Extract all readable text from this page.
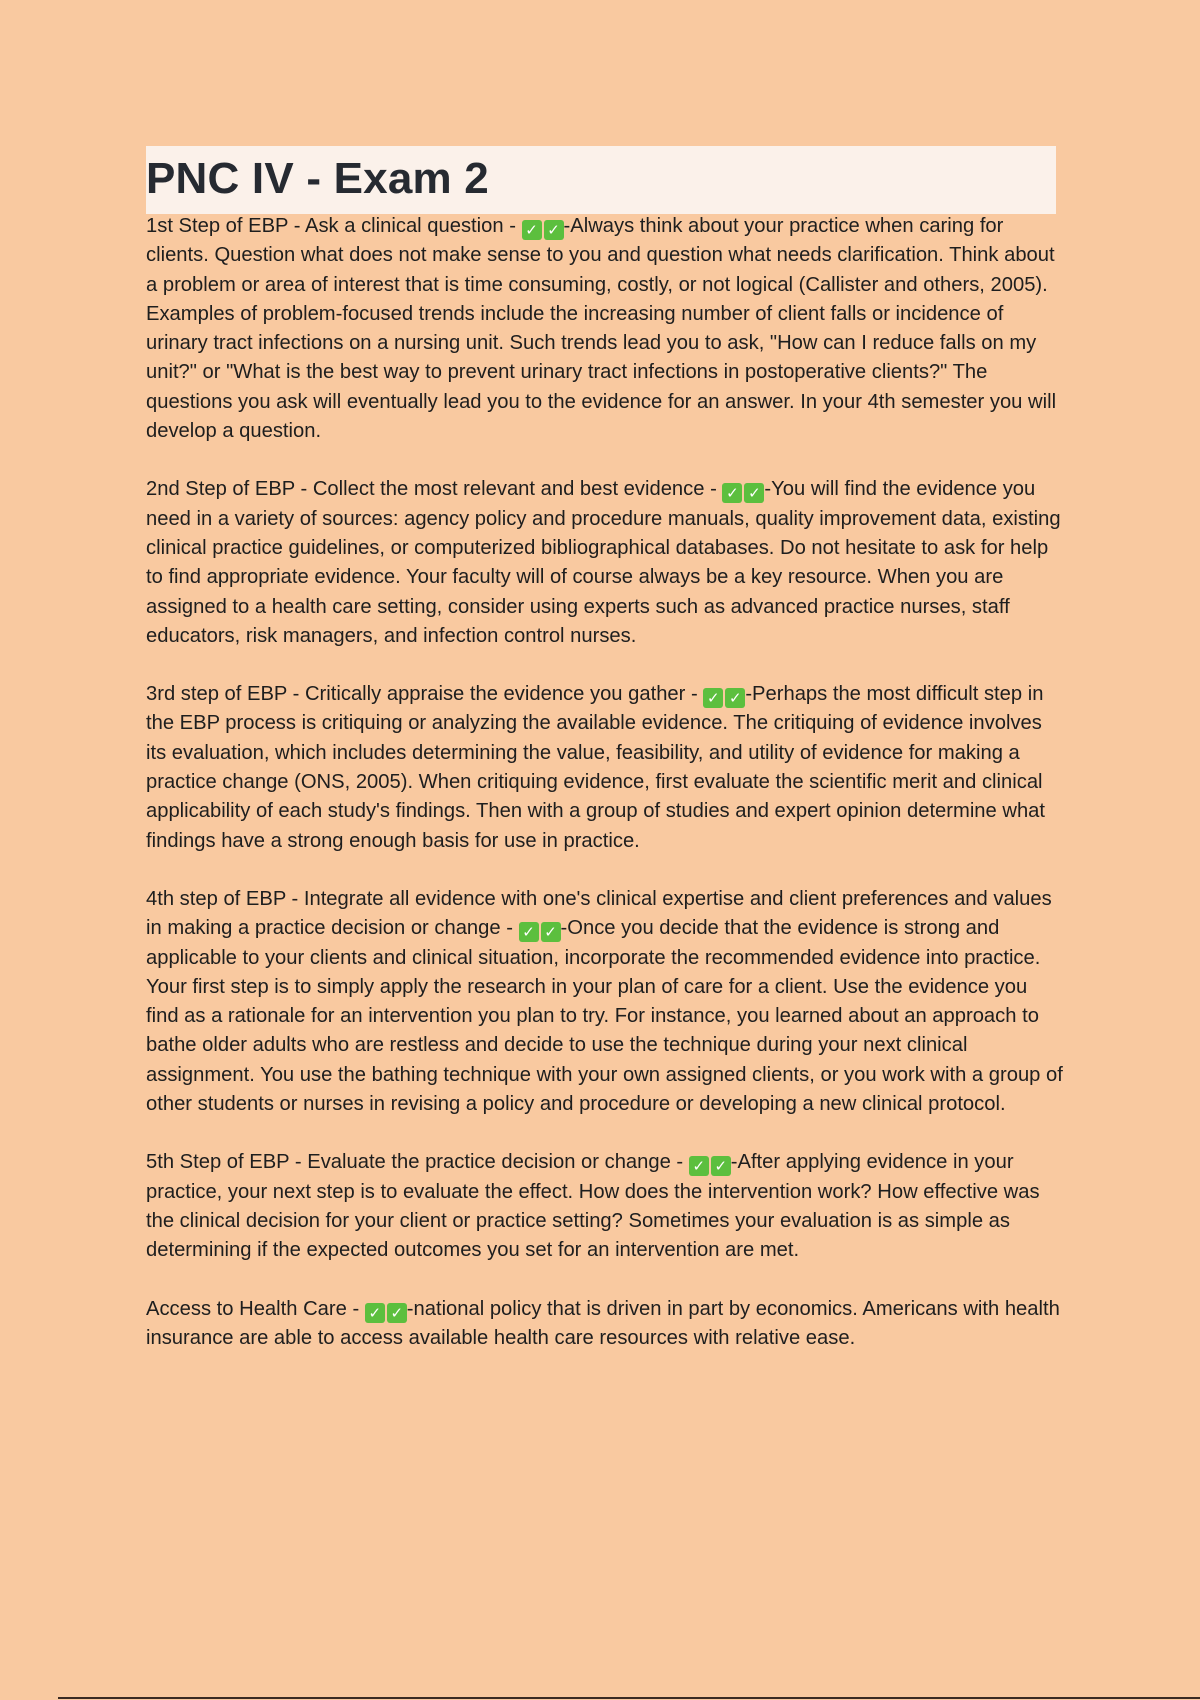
PNC IV - Exam 2

1st Step of EBP - Ask a clinical question - ✓ ✓ -Always think about your practice when caring for clients. Question what does not make sense to you and question what needs clarification. Think about a problem or area of interest that is time consuming, costly, or not logical (Callister and others, 2005). Examples of problem-focused trends include the increasing number of client falls or incidence of urinary tract infections on a nursing unit. Such trends lead you to ask, "How can I reduce falls on my unit?" or "What is the best way to prevent urinary tract infections in postoperative clients?" The questions you ask will eventually lead you to the evidence for an answer. In your 4th semester you will develop a question.

2nd Step of EBP - Collect the most relevant and best evidence - ✓ ✓ -You will find the evidence you need in a variety of sources: agency policy and procedure manuals, quality improvement data, existing clinical practice guidelines, or computerized bibliographical databases. Do not hesitate to ask for help to find appropriate evidence. Your faculty will of course always be a key resource. When you are assigned to a health care setting, consider using experts such as advanced practice nurses, staff educators, risk managers, and infection control nurses.

3rd step of EBP - Critically appraise the evidence you gather - ✓ ✓ -Perhaps the most difficult step in the EBP process is critiquing or analyzing the available evidence. The critiquing of evidence involves its evaluation, which includes determining the value, feasibility, and utility of evidence for making a practice change (ONS, 2005). When critiquing evidence, first evaluate the scientific merit and clinical applicability of each study's findings. Then with a group of studies and expert opinion determine what findings have a strong enough basis for use in practice.

4th step of EBP - Integrate all evidence with one's clinical expertise and client preferences and values in making a practice decision or change - ✓ ✓ -Once you decide that the evidence is strong and applicable to your clients and clinical situation, incorporate the recommended evidence into practice. Your first step is to simply apply the research in your plan of care for a client. Use the evidence you find as a rationale for an intervention you plan to try. For instance, you learned about an approach to bathe older adults who are restless and decide to use the technique during your next clinical assignment. You use the bathing technique with your own assigned clients, or you work with a group of other students or nurses in revising a policy and procedure or developing a new clinical protocol.

5th Step of EBP - Evaluate the practice decision or change - ✓ ✓ -After applying evidence in your practice, your next step is to evaluate the effect. How does the intervention work? How effective was the clinical decision for your client or practice setting? Sometimes your evaluation is as simple as determining if the expected outcomes you set for an intervention are met.

Access to Health Care - ✓ ✓ -national policy that is driven in part by economics. Americans with health insurance are able to access available health care resources with relative ease.
